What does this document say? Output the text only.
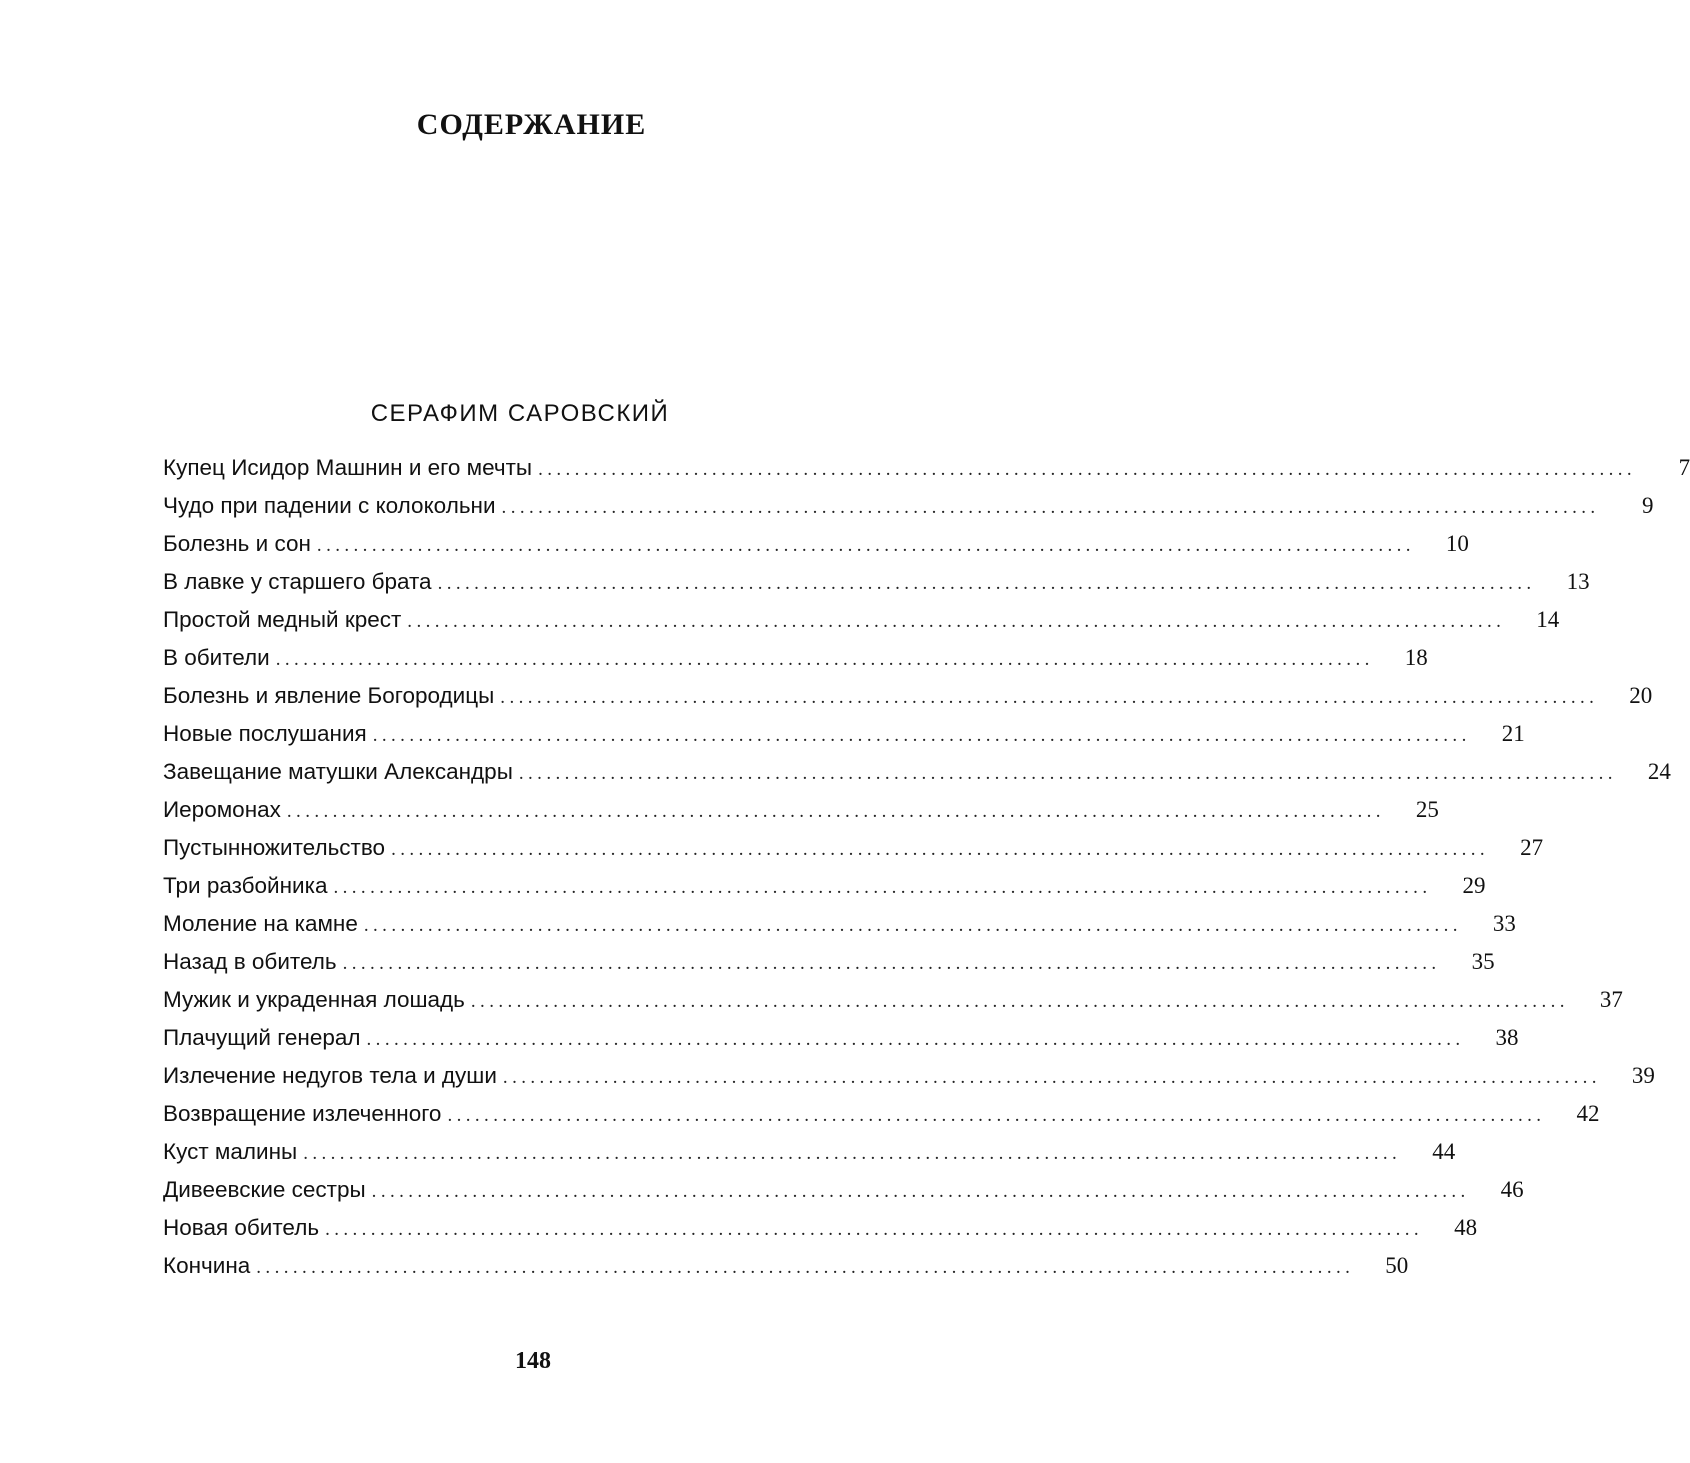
СОДЕРЖАНИЕ
СЕРАФИМ САРОВСКИЙ
Купец Исидор Машнин и его мечты ........................................................................................................................	7
Чудо при падении с колокольни ........................................................................................................................	9
Болезнь и сон ........................................................................................................................	10
В лавке у старшего брата ........................................................................................................................	13
Простой медный крест ........................................................................................................................	14
В обители ........................................................................................................................	18
Болезнь и явление Богородицы ........................................................................................................................	20
Новые послушания ........................................................................................................................	21
Завещание матушки Александры ........................................................................................................................	24
Иеромонах ........................................................................................................................	25
Пустынножительство ........................................................................................................................	27
Три разбойника ........................................................................................................................	29
Моление на камне ........................................................................................................................	33
Назад в обитель ........................................................................................................................	35
Мужик и украденная лошадь ........................................................................................................................	37
Плачущий генерал ........................................................................................................................	38
Излечение недугов тела и души ........................................................................................................................	39
Возвращение излеченного ........................................................................................................................	42
Куст малины ........................................................................................................................	44
Дивеевские сестры ........................................................................................................................	46
Новая обитель ........................................................................................................................	48
Кончина ........................................................................................................................	50
148
